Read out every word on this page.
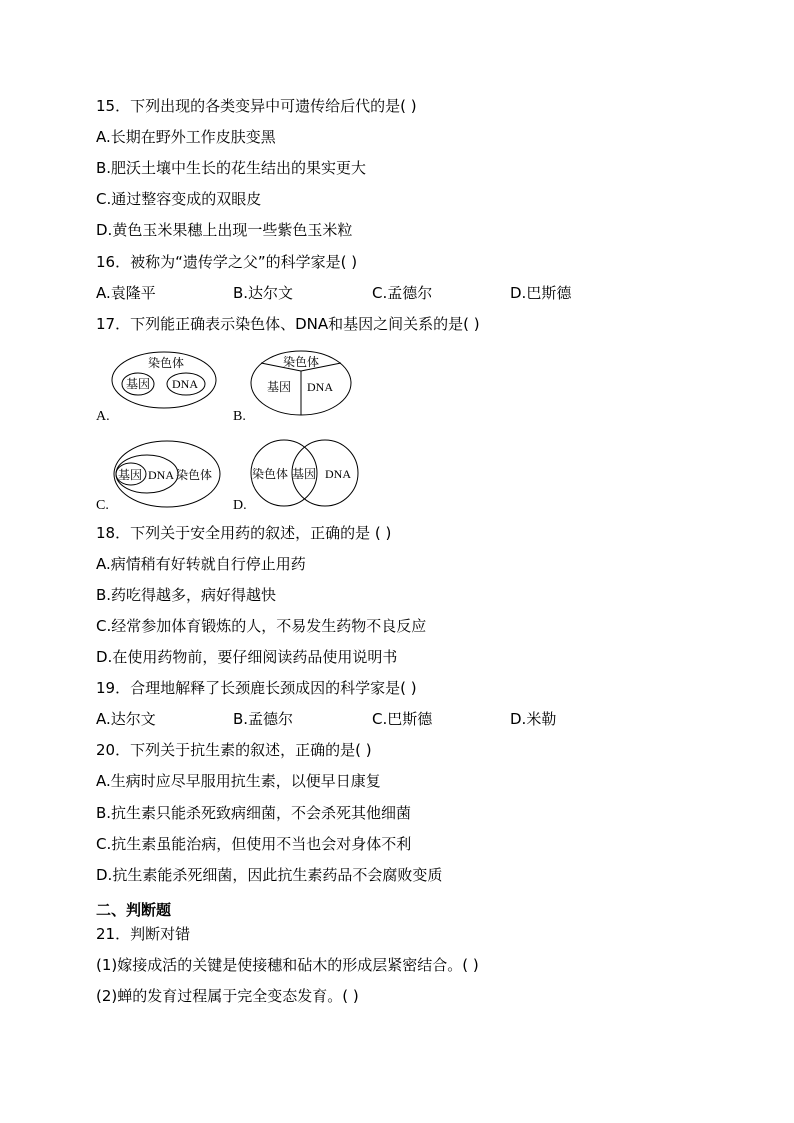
15．下列出现的各类变异中可遗传给后代的是( )
A.长期在野外工作皮肤变黑
B.肥沃土壤中生长的花生结出的果实更大
C.通过整容变成的双眼皮
D.黄色玉米果穗上出现一些紫色玉米粒
16．被称为“遗传学之父”的科学家是( )
A.袁隆平	B.达尔文	C.孟德尔	D.巴斯德
17．下列能正确表示染色体、DNA和基因之间关系的是( )
染色体
基因 DNA
A.
染色体
基因 DNA
B.
基因 DNA 染色体
C.
染色体 基因 DNA
D.
18．下列关于安全用药的叙述，正确的是 ( )
A.病情稍有好转就自行停止用药
B.药吃得越多，病好得越快
C.经常参加体育锻炼的人，不易发生药物不良反应
D.在使用药物前，要仔细阅读药品使用说明书
19．合理地解释了长颈鹿长颈成因的科学家是( )
A.达尔文	B.孟德尔	C.巴斯德	D.米勒
20．下列关于抗生素的叙述，正确的是( )
A.生病时应尽早服用抗生素，以便早日康复
B.抗生素只能杀死致病细菌，不会杀死其他细菌
C.抗生素虽能治病，但使用不当也会对身体不利
D.抗生素能杀死细菌，因此抗生素药品不会腐败变质
二、判断题
21．判断对错
(1)嫁接成活的关键是使接穗和砧木的形成层紧密结合。( )
(2)蝉的发育过程属于完全变态发育。( )
